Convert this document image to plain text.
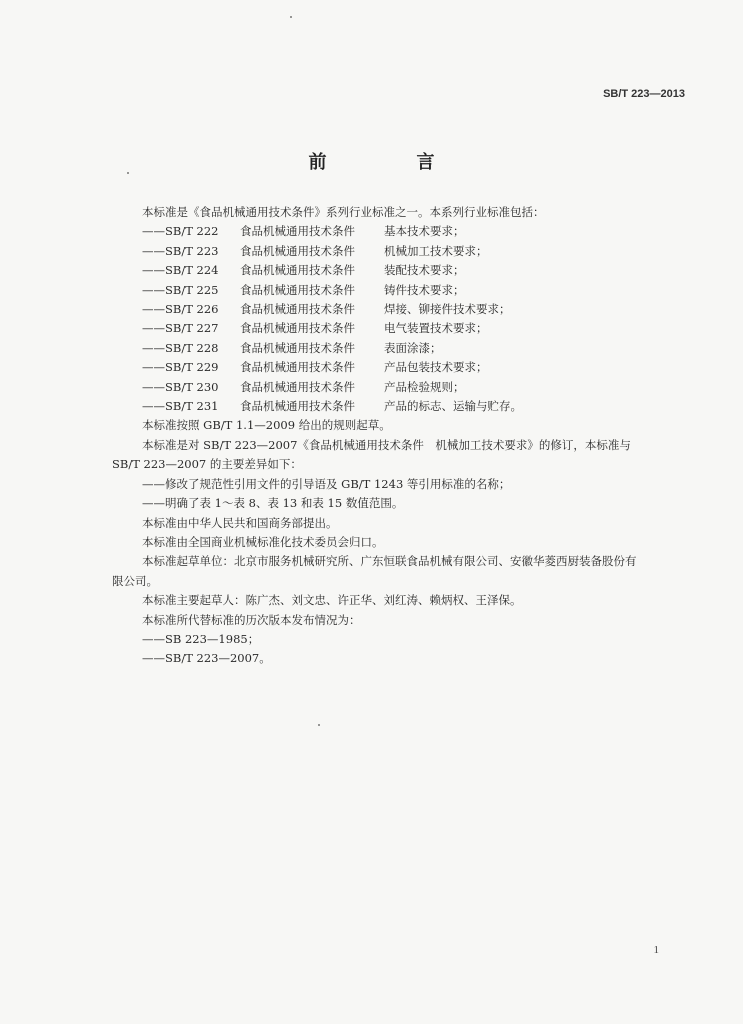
SB/T 223—2013
前　言

本标准是《食品机械通用技术条件》系列行业标准之一。本系列行业标准包括：

——SB/T 222	食品机械通用技术条件	基本技术要求；
——SB/T 223	食品机械通用技术条件	机械加工技术要求；
——SB/T 224	食品机械通用技术条件	装配技术要求；
——SB/T 225	食品机械通用技术条件	铸件技术要求；
——SB/T 226	食品机械通用技术条件	焊接、铆接件技术要求；
——SB/T 227	食品机械通用技术条件	电气装置技术要求；
——SB/T 228	食品机械通用技术条件	表面涂漆；
——SB/T 229	食品机械通用技术条件	产品包装技术要求；
——SB/T 230	食品机械通用技术条件	产品检验规则；
——SB/T 231	食品机械通用技术条件	产品的标志、运输与贮存。

本标准按照 GB/T 1.1—2009 给出的规则起草。

本标准是对 SB/T 223—2007《食品机械通用技术条件　机械加工技术要求》的修订，本标准与

SB/T 223—2007 的主要差异如下：

——修改了规范性引用文件的引导语及 GB/T 1243 等引用标准的名称；

——明确了表 1～表 8、表 13 和表 15 数值范围。

本标准由中华人民共和国商务部提出。

本标准由全国商业机械标准化技术委员会归口。

本标准起草单位：北京市服务机械研究所、广东恒联食品机械有限公司、安徽华菱西厨装备股份有

限公司。

本标准主要起草人：陈广杰、刘文忠、许正华、刘红涛、赖炳权、王泽保。

本标准所代替标准的历次版本发布情况为：

——SB 223—1985；

——SB/T 223—2007。

1
